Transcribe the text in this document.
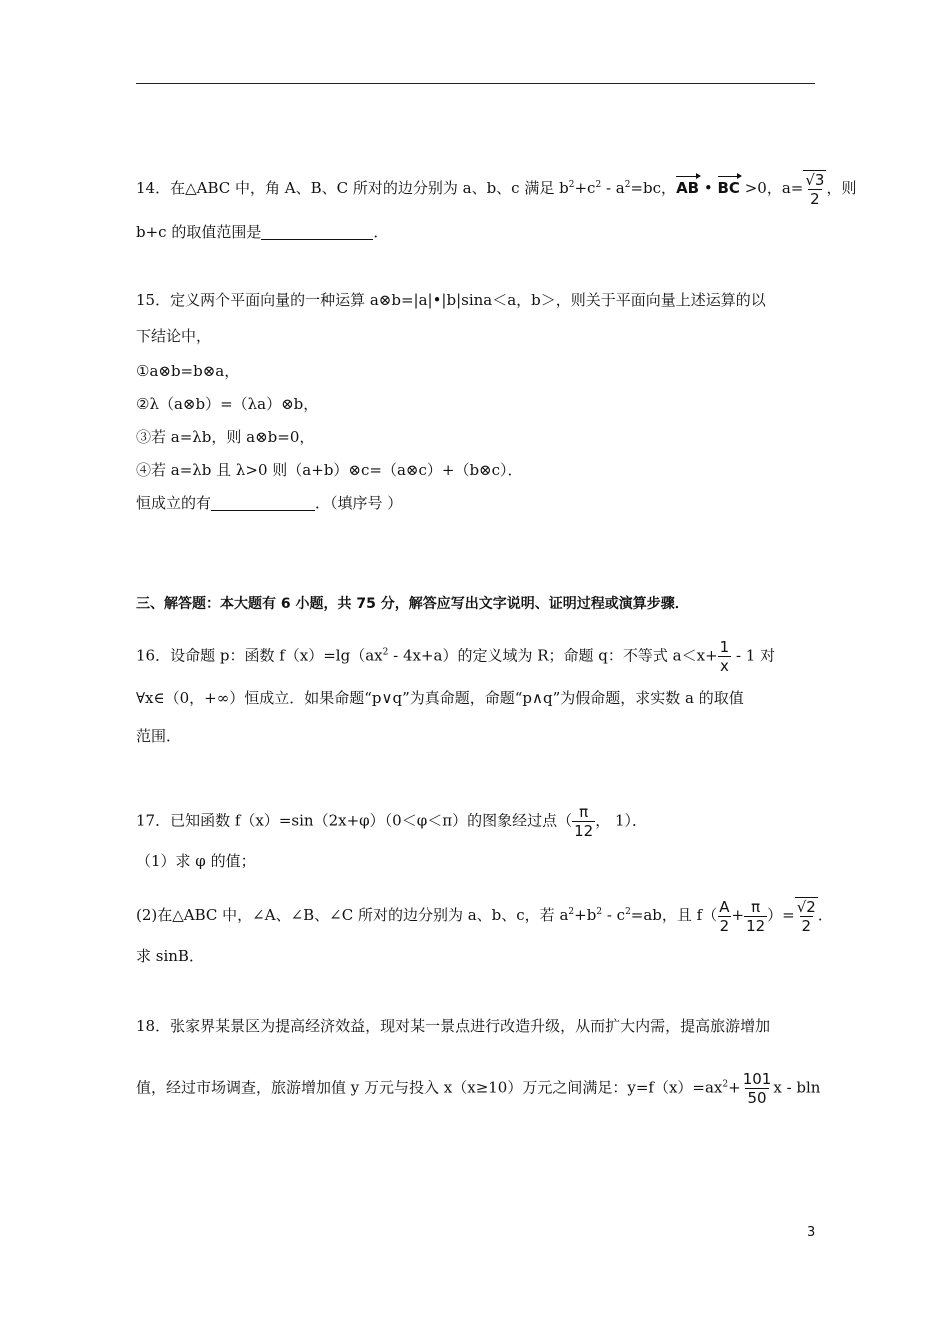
14．在△ABC 中，角 A、B、C 所对的边分别为 a、b、c 满足 $b^2+c^2 - a^2=bc$，AB • BC >0，$a= \frac{√3}{2}$ ，则
b+c 的取值范围是	．
15．定义两个平面向量的一种运算 a⊗b=|a|•|b|sina＜a，b＞，则关于平面向量上述运算的以
下结论中，
①a⊗b=b⊗a，
②λ（a⊗b）=（λa）⊗b，
③若 a=λb，则 a⊗b=0，
④若 a=λb 且 λ>0 则（a+b）⊗c=（a⊗c）+（b⊗c）．
恒成立的有	．（填序号 ）
三、解答题：本大题有 6 小题，共 75 分，解答应写出文字说明、证明过程或演算步骤．
16．设命题 p：函数 $f(x)=\lg(ax^2 - 4x+a)$的定义域为 R；命题 q：不等式 $a<x+ \frac{1}{x} - 1$ 对
∀x∈（0，+∞）恒成立．如果命题“p∨q”为真命题，命题“p∧q”为假命题，求实数 a 的取值
范围．
17．已知函数 f（x）=sin（2x+φ）（0＜φ＜π）的图象经过点（ $\frac{\pi}{12}$ ， 1）．
（1）求 φ 的值；
(2)在△ABC 中，∠A、∠B、∠C 所对的边分别为 a、b、c，若 $a^2+b^2 - c^2=ab$，且 $f( \frac{A}{2} + \frac{\pi}{12}$ ）= $\frac{√2}{2}$ ．
求 sinB．
18．张家界某景区为提高经济效益，现对某一景点进行改造升级，从而扩大内需，提高旅游增加
值，经过市场调查，旅游增加值 y 万元与投入 x（x≥10）万元之间满足：$y=f(x)=ax^2+ \frac{101}{50}$ x - bln
3
